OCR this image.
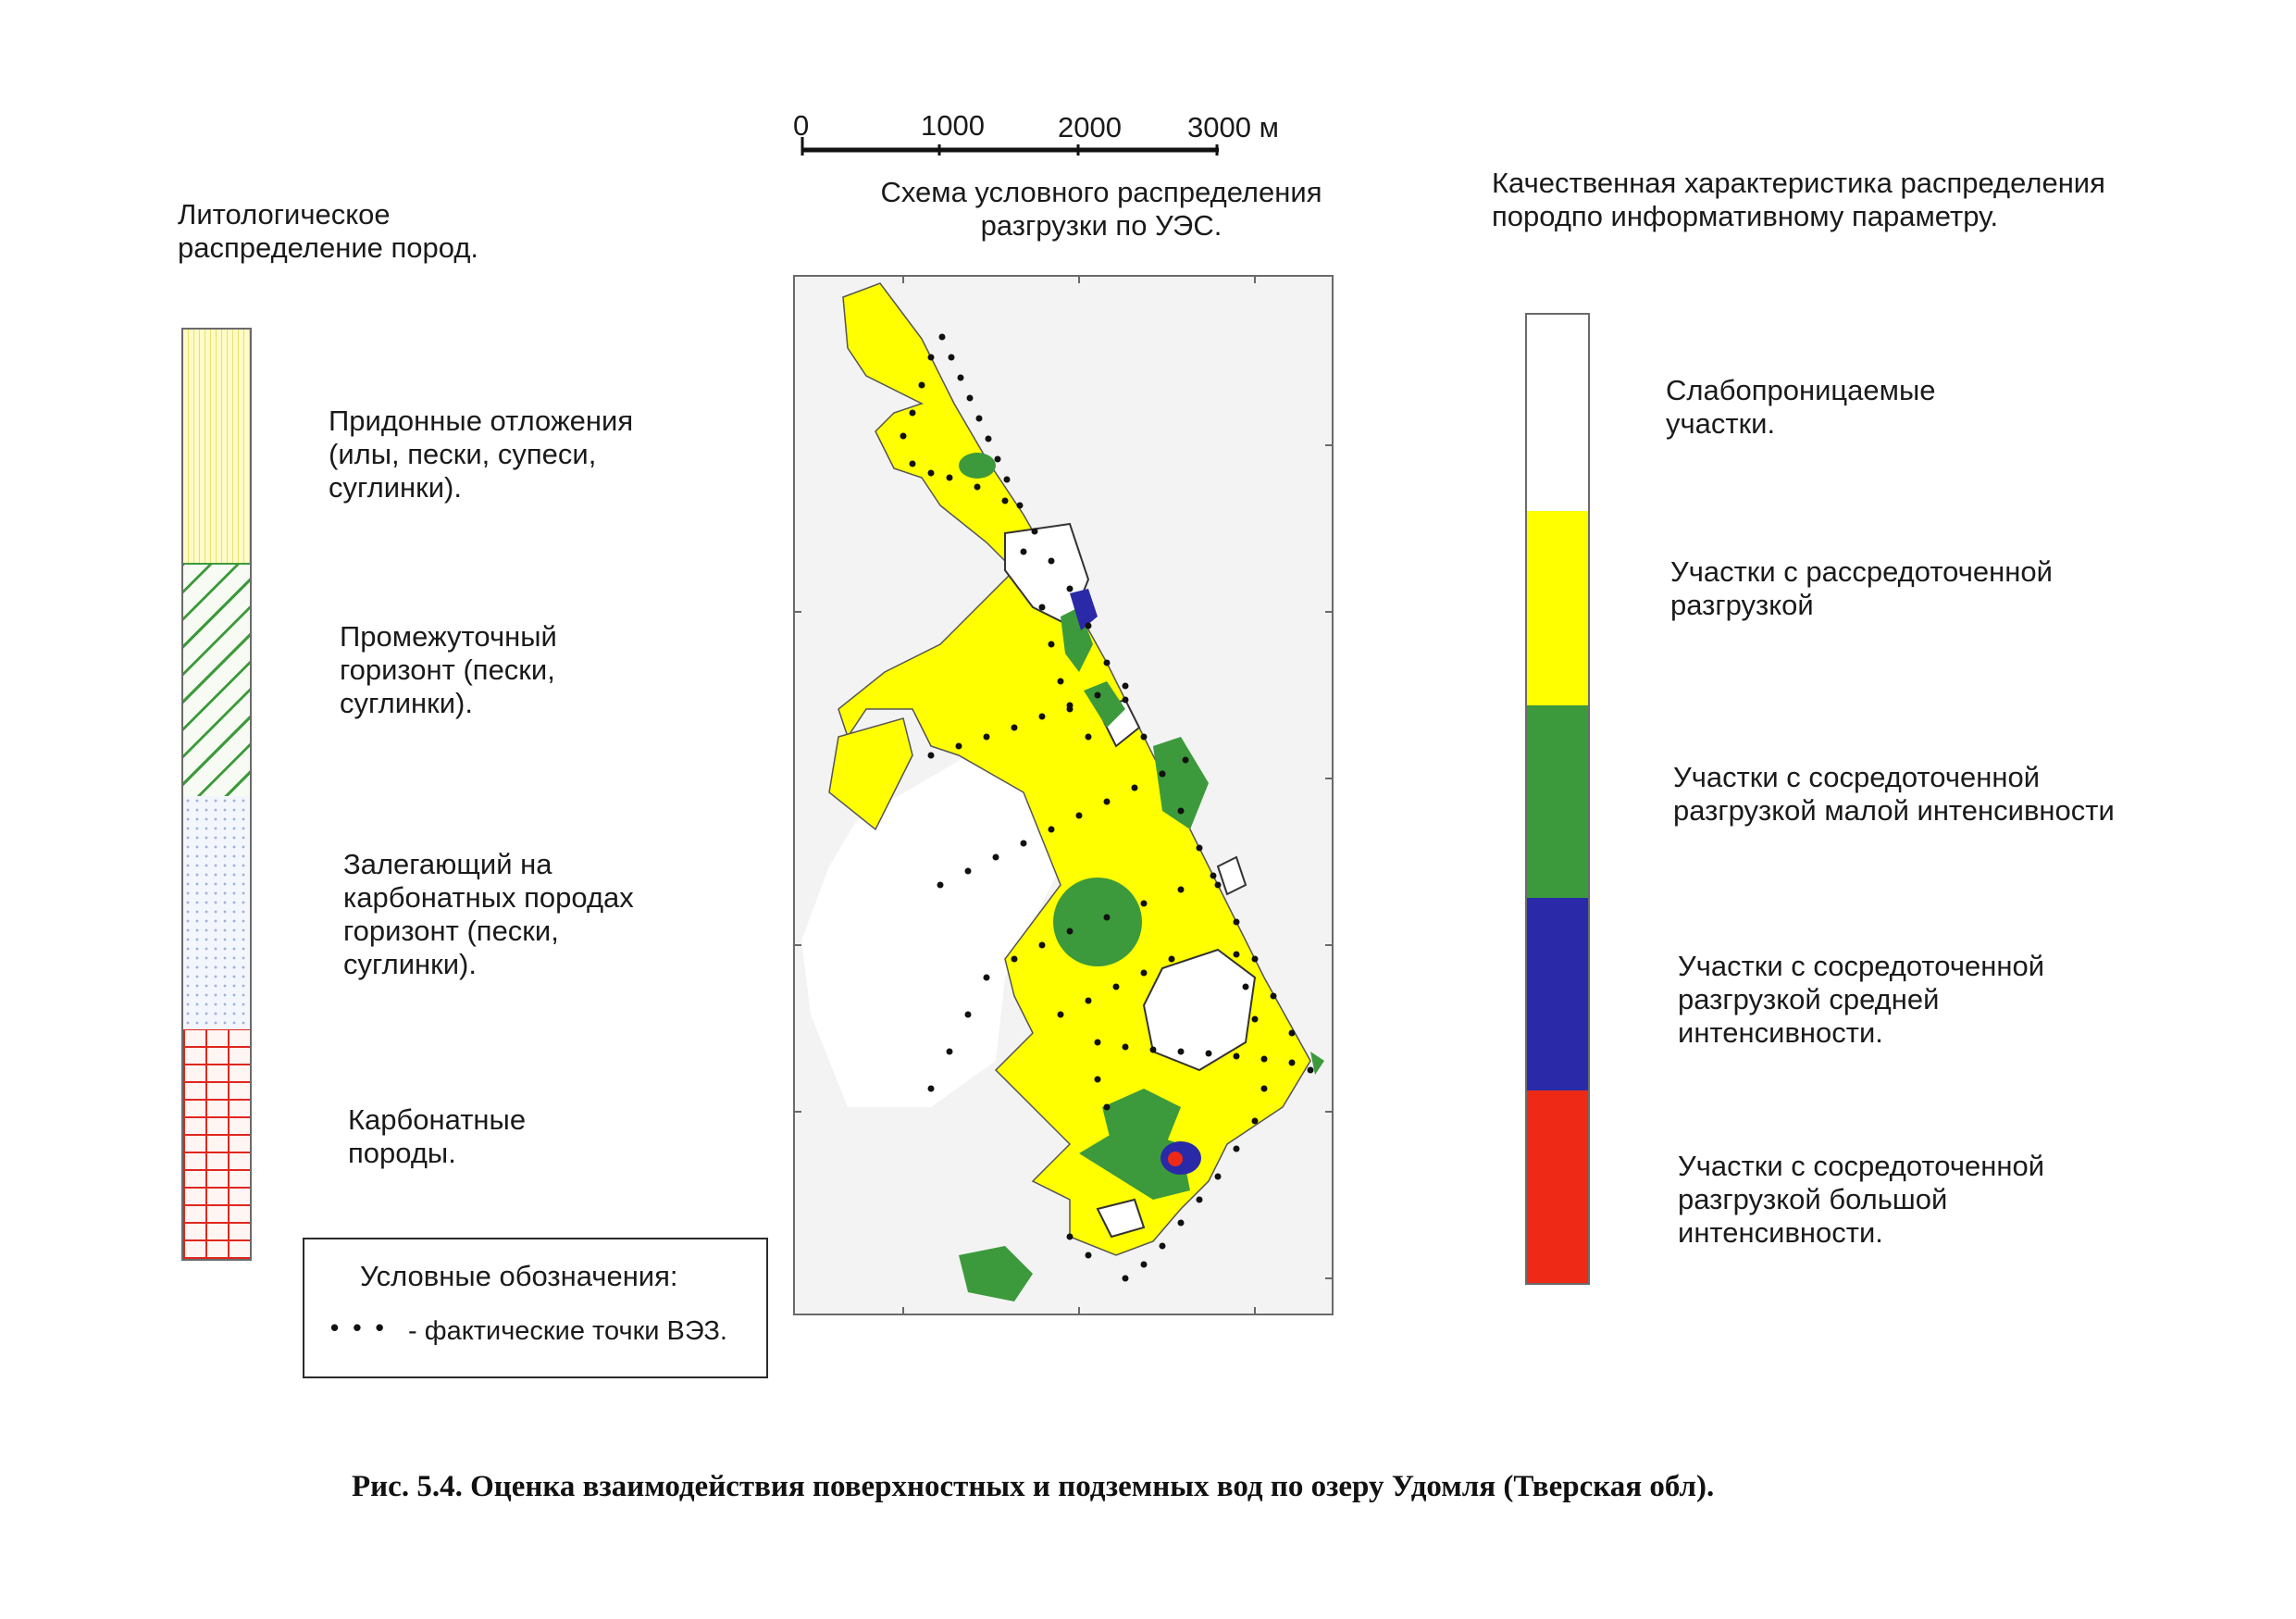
0	1000	2000 3000 м
Литологическое
распределение пород.
Придонные отложения
(илы, пески, супеси,
суглинки).
Промежуточный
горизонт (пески,
суглинки).
Залегающий на
карбонатных породах
горизонт (пески,
суглинки).
Карбонатные
породы.
Условные обозначения:
• • • - фактические точки ВЭЗ.
Схема условного распределения
разгрузки по УЭС.
Качественная характеристика распределения
породпо информативному параметру.
Слабопроницаемые
участки.
Участки с рассредоточенной
разгрузкой
Участки с сосредоточенной
разгрузкой малой интенсивности
Участки с сосредоточенной
разгрузкой средней
интенсивности.
Участки с сосредоточенной
разгрузкой большой
интенсивности.
Рис. 5.4. Оценка взаимодействия поверхностных и подземных вод по озеру Удомля (Тверская обл).
